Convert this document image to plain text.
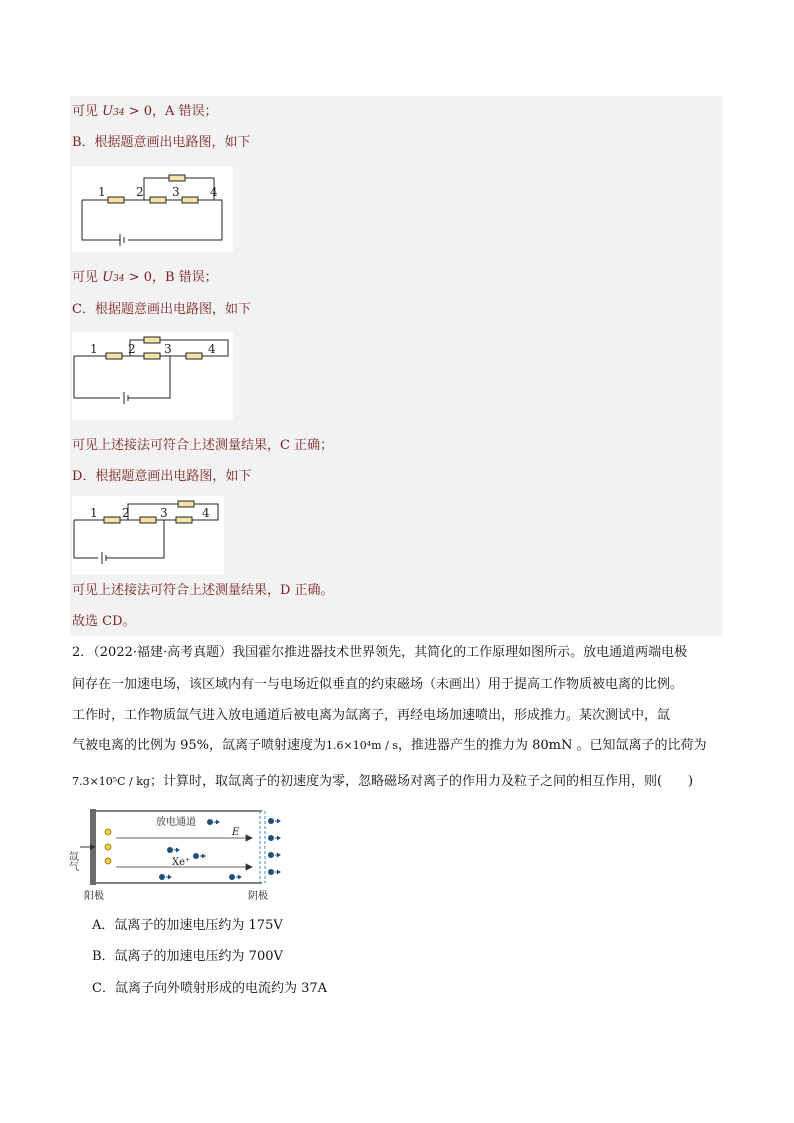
可见 U34 > 0，A 错误；
B．根据题意画出电路图，如下
1	2 3	4
可见 U34 > 0，B 错误；
C．根据题意画出电路图，如下
1	2 3	4
可见上述接法可符合上述测量结果，C 正确；
D．根据题意画出电路图，如下
1 2	3	4
可见上述接法可符合上述测量结果，D 正确。
故选 CD。
2．（2022·福建·高考真题）我国霍尔推进器技术世界领先，其简化的工作原理如图所示。放电通道两端电极
间存在一加速电场，该区域内有一与电场近似垂直的约束磁场（未画出）用于提高工作物质被电离的比例。
工作时，工作物质氙气进入放电通道后被电离为氙离子，再经电场加速喷出，形成推力。某次测试中，氙
气被电离的比例为 95%，氙离子喷射速度为1.6×10⁴m / s，推进器产生的推力为 80mN 。已知氙离子的比荷为
7.3×10⁵C / kg；计算时，取氙离子的初速度为零，忽略磁场对离子的作用力及粒子之间的相互作用，则(　　)
放电通道
E
Xe⁺
氙气
阳极	阴极
A．氙离子的加速电压约为 175V
B．氙离子的加速电压约为 700V
C．氙离子向外喷射形成的电流约为 37A
